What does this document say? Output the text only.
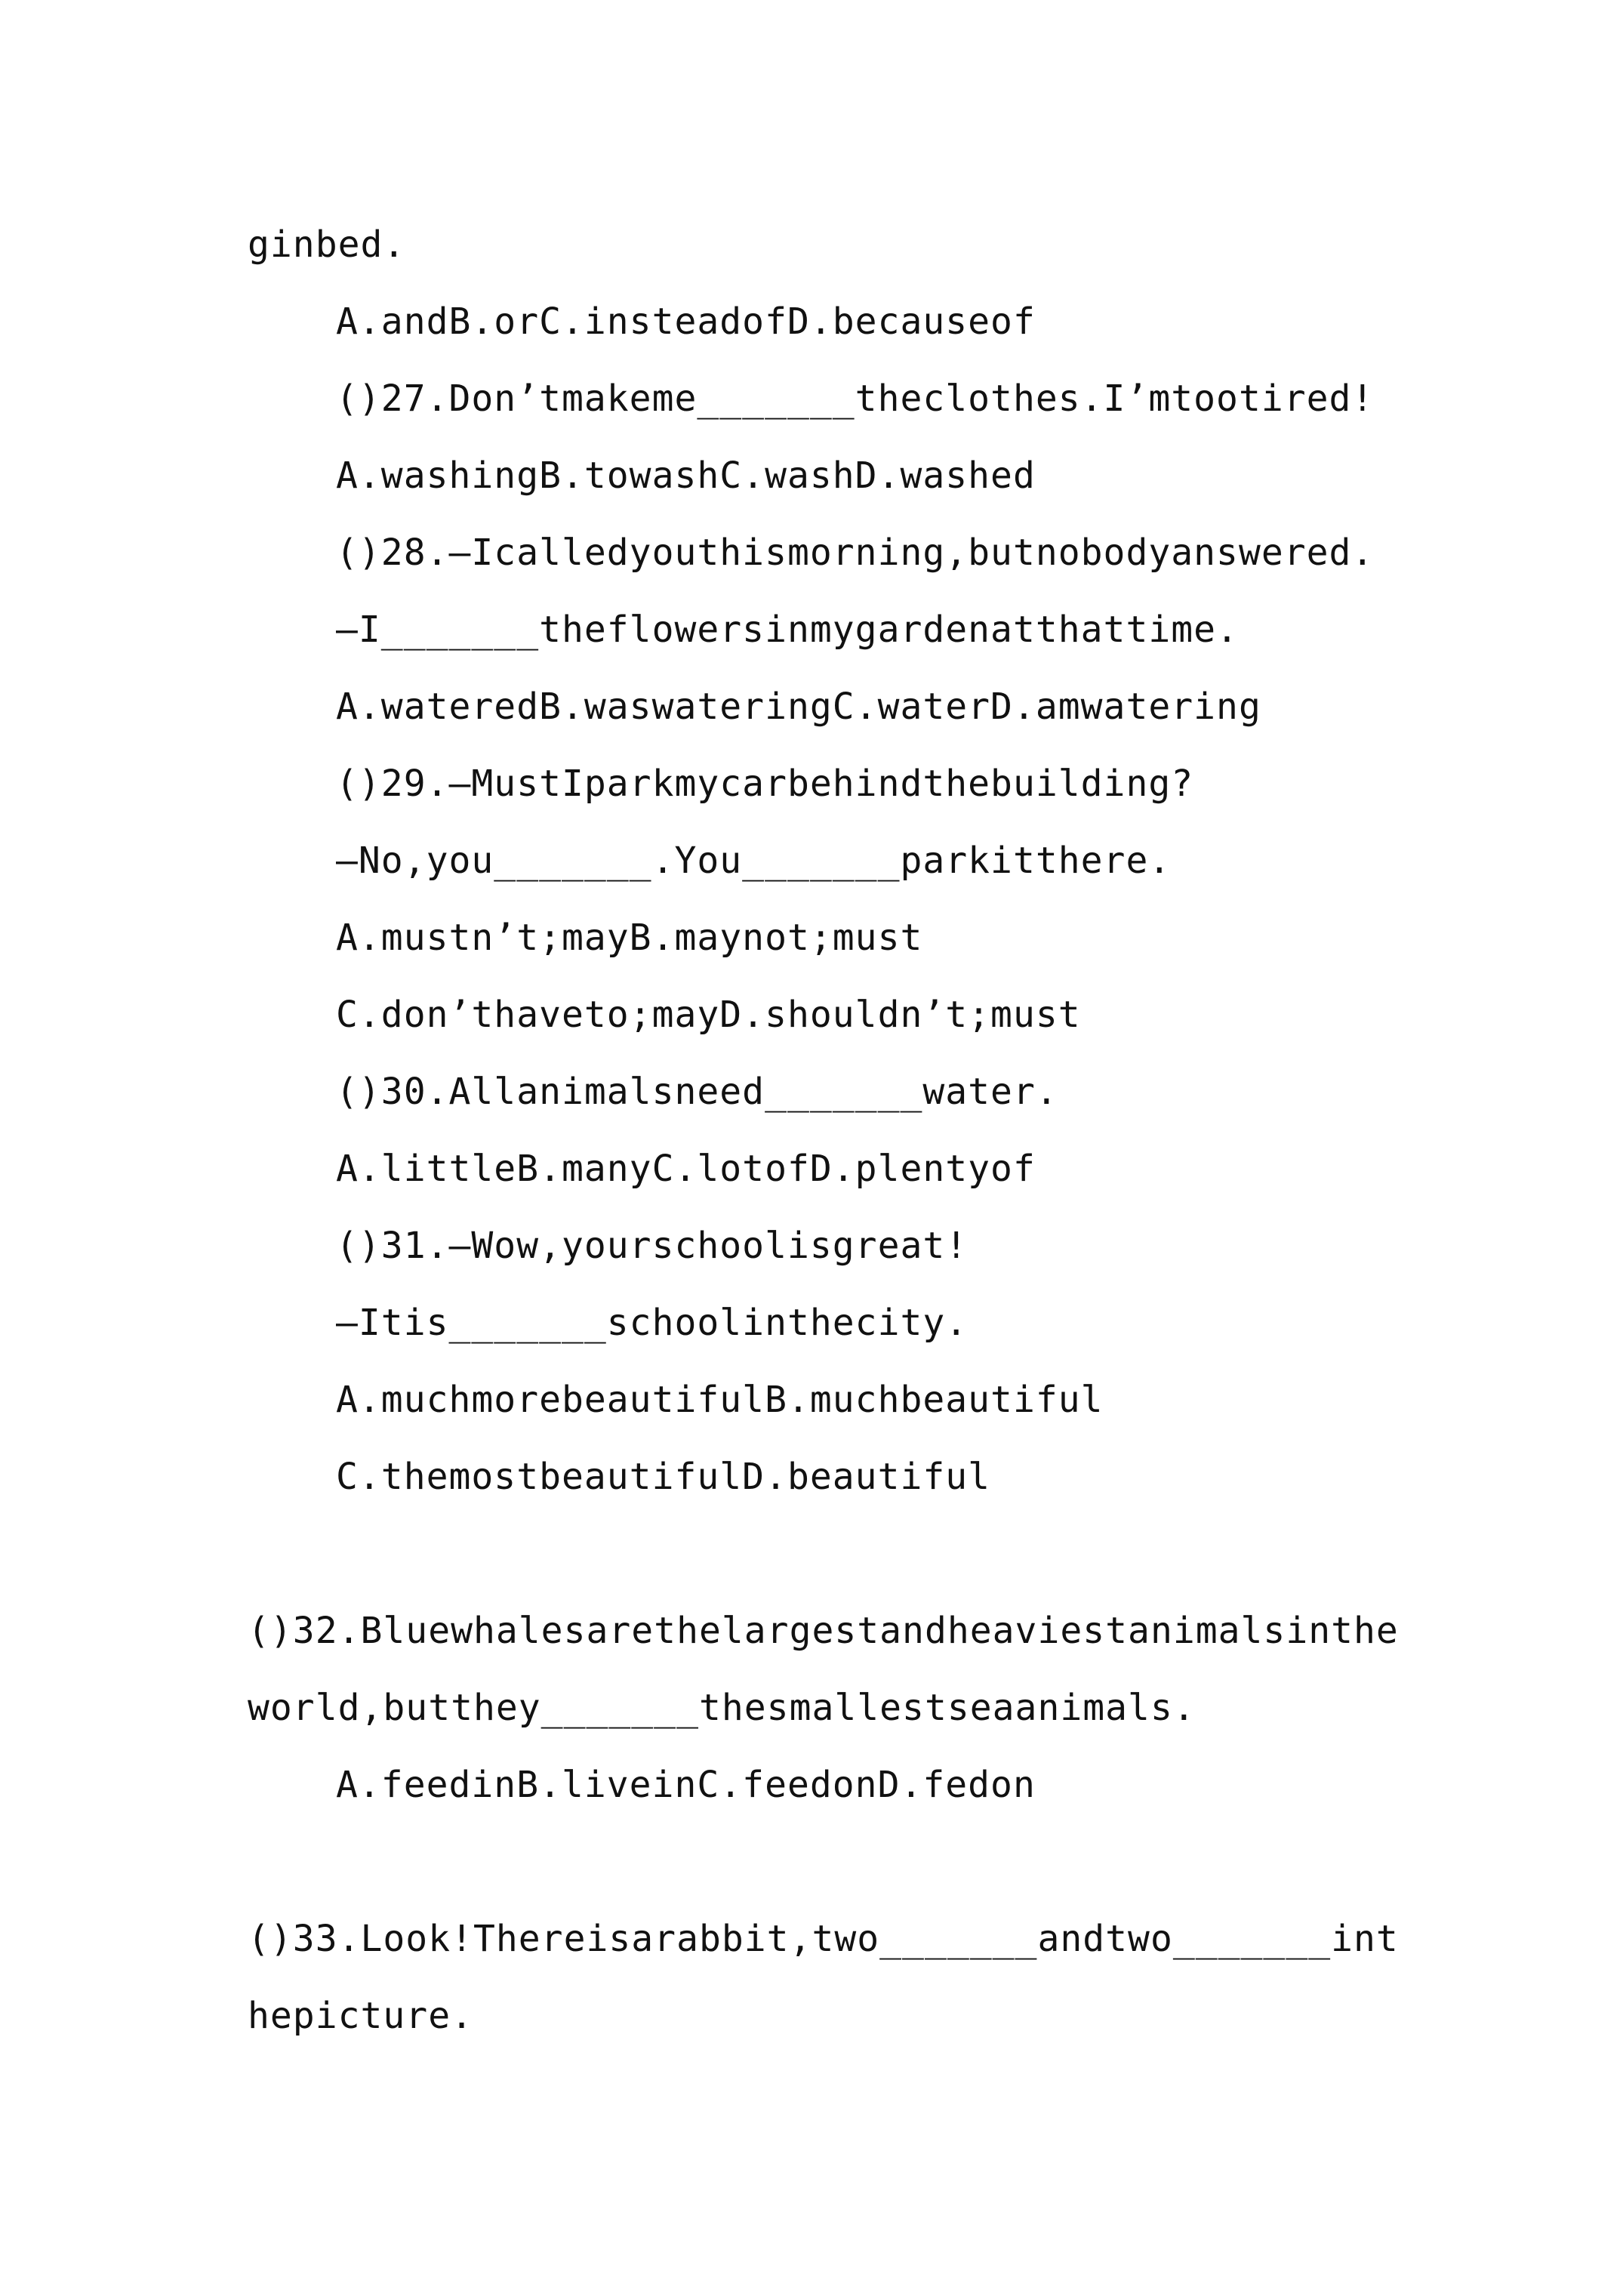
ginbed.
A.andB.orC.insteadofD.becauseof
()27.Don’tmakeme_______theclothes.I’mtootired!
A.washingB.towashC.washD.washed
()28.—Icalledyouthismorning,butnobodyanswered.
—I_______theflowersinmygardenatthattime.
A.wateredB.waswateringC.waterD.amwatering
()29.—MustIparkmycarbehindthebuilding?
—No,you_______.You_______parkitthere.
A.mustn’t;mayB.maynot;must
C.don’thaveto;mayD.shouldn’t;must
()30.Allanimalsneed_______water.
A.littleB.manyC.lotofD.plentyof
()31.—Wow,yourschoolisgreat!
—Itis_______schoolinthecity.
A.muchmorebeautifulB.muchbeautiful
C.themostbeautifulD.beautiful
()32.Bluewhalesarethelargestandheaviestanimalsinthe
world,butthey_______thesmallestseaanimals.
A.feedinB.liveinC.feedonD.fedon
()33.Look!Thereisarabbit,two_______andtwo_______int
hepicture.
